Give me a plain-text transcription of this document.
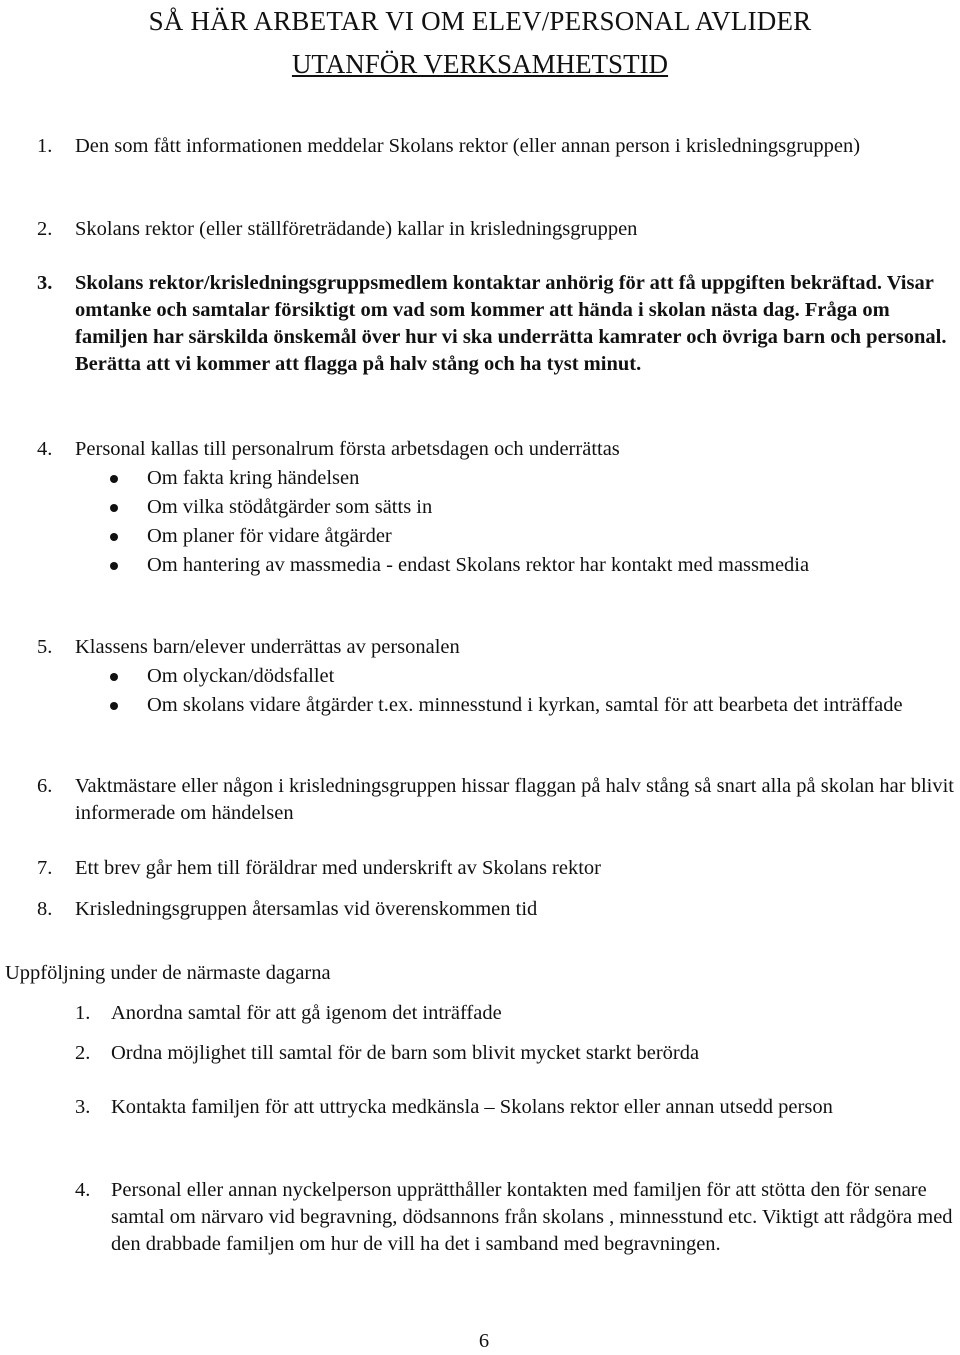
SÅ HÄR ARBETAR VI OM ELEV/PERSONAL AVLIDER
UTANFÖR VERKSAMHETSTID
1. Den som fått informationen meddelar Skolans rektor (eller annan person i krisledningsgruppen)
2. Skolans rektor (eller ställföreträdande) kallar in krisledningsgruppen
3. Skolans rektor/krisledningsgruppsmedlem kontaktar anhörig för att få uppgiften bekräftad. Visar omtanke och samtalar försiktigt om vad som kommer att hända i skolan nästa dag. Fråga om familjen har särskilda önskemål över hur vi ska underrätta kamrater och övriga barn och personal. Berätta att vi kommer att flagga på halv stång och ha tyst minut.
4. Personal kallas till personalrum första arbetsdagen och underrättas
Om fakta kring händelsen
Om vilka stödåtgärder som sätts in
Om planer för vidare åtgärder
Om hantering av massmedia - endast Skolans rektor har kontakt med massmedia
5. Klassens barn/elever underrättas av personalen
Om olyckan/dödsfallet
Om skolans vidare åtgärder t.ex. minnesstund i kyrkan, samtal för att bearbeta det inträffade
6. Vaktmästare eller någon i krisledningsgruppen hissar flaggan på halv stång så snart alla på skolan har blivit informerade om händelsen
7. Ett brev går hem till föräldrar med underskrift av Skolans rektor
8. Krisledningsgruppen återsamlas vid överenskommen tid
Uppföljning under de närmaste dagarna
1. Anordna samtal för att gå igenom det inträffade
2. Ordna möjlighet till samtal för de barn som blivit mycket starkt berörda
3. Kontakta familjen för att uttrycka medkänsla – Skolans rektor eller annan utsedd person
4. Personal eller annan nyckelperson upprätthåller kontakten med familjen för att stötta den för senare samtal om närvaro vid begravning, dödsannons från skolans , minnesstund etc. Viktigt att rådgöra med den drabbade familjen om hur de vill ha det i samband med begravningen.
6
